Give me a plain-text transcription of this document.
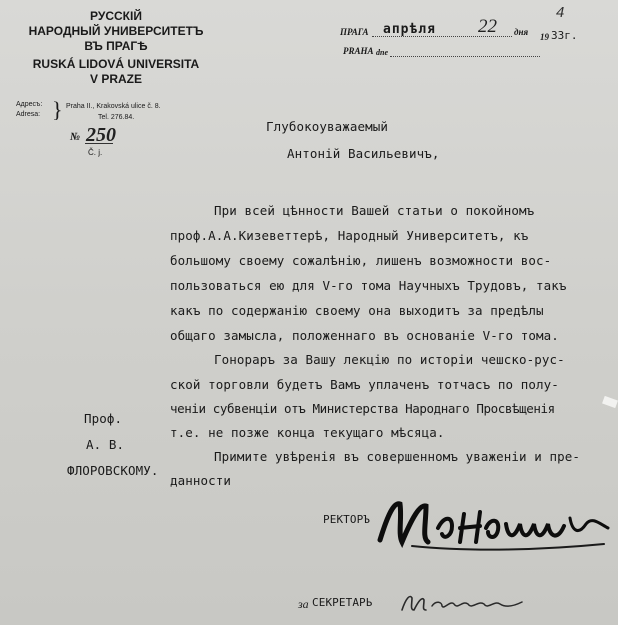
4
РУССКIЙ
НАРОДНЫЙ УНИВЕРСИТЕТЪ
ВЪ ПРАГѢ
RUSKÁ LIDOVÁ UNIVERSITA
V PRAZE
Адресъ:
Adresa: } Praha II., Krakovská ulice č. 8.
Tel. 276.84.
№ 250
Č. j.
ПРАГА апрѣля 22 дня 19 33г.
PRAHA dne
Глубокоуважаемый
Антонiй Васильевичъ,
При всей цѣнности Вашей статьи о покойномъ
проф.А.А.Кизеветтерѣ, Народный Университетъ, къ
большому своему сожалѣнiю, лишенъ возможности вос-
пользоваться ею для V-го тома Научныхъ Трудовъ, такъ
какъ по содержанiю своему она выходитъ за предѣлы
общаго замысла, положеннаго въ основанiе V-го тома.
Гонораръ за Вашу лекцiю по исторiи чешско-рус-
ской торговли будетъ Вамъ уплаченъ тотчасъ по полу-
ченiи субвенцiи отъ Министерства Народнаго Просвѣщенiя
т.е. не позже конца текущаго мѣсяца.
Примите увѣренiя въ совершенномъ уваженiи и пре-
данности
Проф.
А. В.
ФЛОРОВСКОМУ.
РЕКТОРЪ
за СЕКРЕТАРЬ
